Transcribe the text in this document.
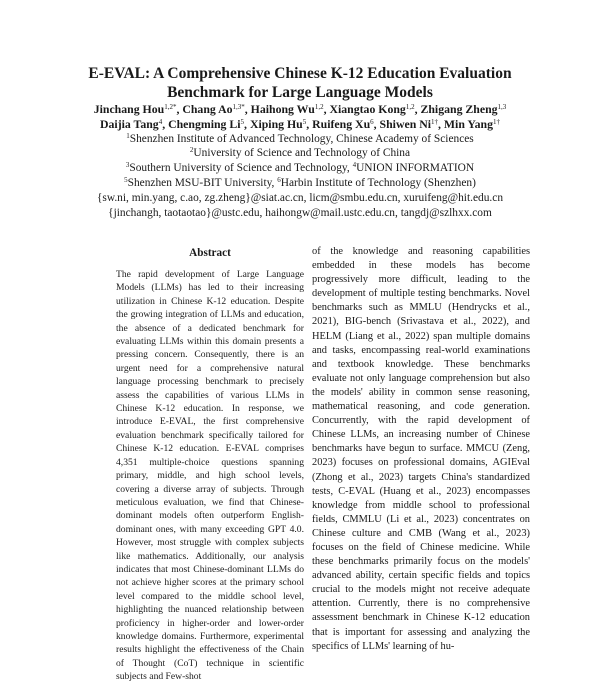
E-EVAL: A Comprehensive Chinese K-12 Education Evaluation
Benchmark for Large Language Models
Jinchang Hou$^{1,2*}$, Chang $Ao^{1,3*}$, Haihong Wu$^{1,2}$, Xiangtao Kong$^{1,2}$, Zhigang Zheng$^{1,3}$
Daijia Tang$^4$, Chengming Li$^5$, Xiping Hu$^5$, Ruifeng Xu$^6$, Shiwen $Ni^{1\dagger}$, Min Yang$^{1\dagger}$
$^1$Shenzhen Institute of Advanced Technology, Chinese Academy of Sciences
$^2$University of Science and Technology of China
$^3$Southern University of Science and Technology, $^4$UNION INFORMATION
$^5$Shenzhen MSU-BIT University, $^6$Harbin Institute of Technology (Shenzhen)
{sw.ni, min.yang, c.ao, zg.zheng}@siat.ac.cn, licm@smbu.edu.cn, xuruifeng@hit.edu.cn
{jinchangh, taotaotao}@ustc.edu, haihongw@mail.ustc.edu.cn, tangdj@szlhxx.com
Abstract

The rapid development of Large Language Models (LLMs) has led to their increasing utilization in Chinese K-12 education. Despite the growing integration of LLMs and education, the absence of a dedicated benchmark for evaluating LLMs within this domain presents a pressing concern. Consequently, there is an urgent need for a comprehensive natural language processing benchmark to precisely assess the capabilities of various LLMs in Chinese K-12 education. In response, we introduce E-EVAL, the first comprehensive evaluation benchmark specifically tailored for Chinese K-12 education. E-EVAL comprises 4,351 multiple-choice questions spanning primary, middle, and high school levels, covering a diverse array of subjects. Through meticulous evaluation, we find that Chinese-dominant models often outperform English-dominant ones, with many exceeding GPT 4.0. However, most struggle with complex subjects like mathematics. Additionally, our analysis indicates that most Chinese-dominant LLMs do not achieve higher scores at the primary school level compared to the middle school level, highlighting the nuanced relationship between proficiency in higher-order and lower-order knowledge domains. Furthermore, experimental results highlight the effectiveness of the Chain of Thought (CoT) technique in scientific subjects and Few-shot

of the knowledge and reasoning capabilities embedded in these models has become progressively more difficult, leading to the development of multiple testing benchmarks. Novel benchmarks such as MMLU (Hendrycks et al., 2021), BIG-bench (Srivastava et al., 2022), and HELM (Liang et al., 2022) span multiple domains and tasks, encompassing real-world examinations and textbook knowledge. These benchmarks evaluate not only language comprehension but also the models' ability in common sense reasoning, mathematical reasoning, and code generation. Concurrently, with the rapid development of Chinese LLMs, an increasing number of Chinese benchmarks have begun to surface. MMCU (Zeng, 2023) focuses on professional domains, AGIEval (Zhong et al., 2023) targets China's standardized tests, C-EVAL (Huang et al., 2023) encompasses knowledge from middle school to professional fields, CMMLU (Li et al., 2023) concentrates on Chinese culture and CMB (Wang et al., 2023) focuses on the field of Chinese medicine. While these benchmarks primarily focus on the models' advanced ability, certain specific fields and topics crucial to the models might not receive adequate attention. Currently, there is no comprehensive assessment benchmark in Chinese K-12 education that is important for assessing and analyzing the specifics of LLMs' learning of hu-
